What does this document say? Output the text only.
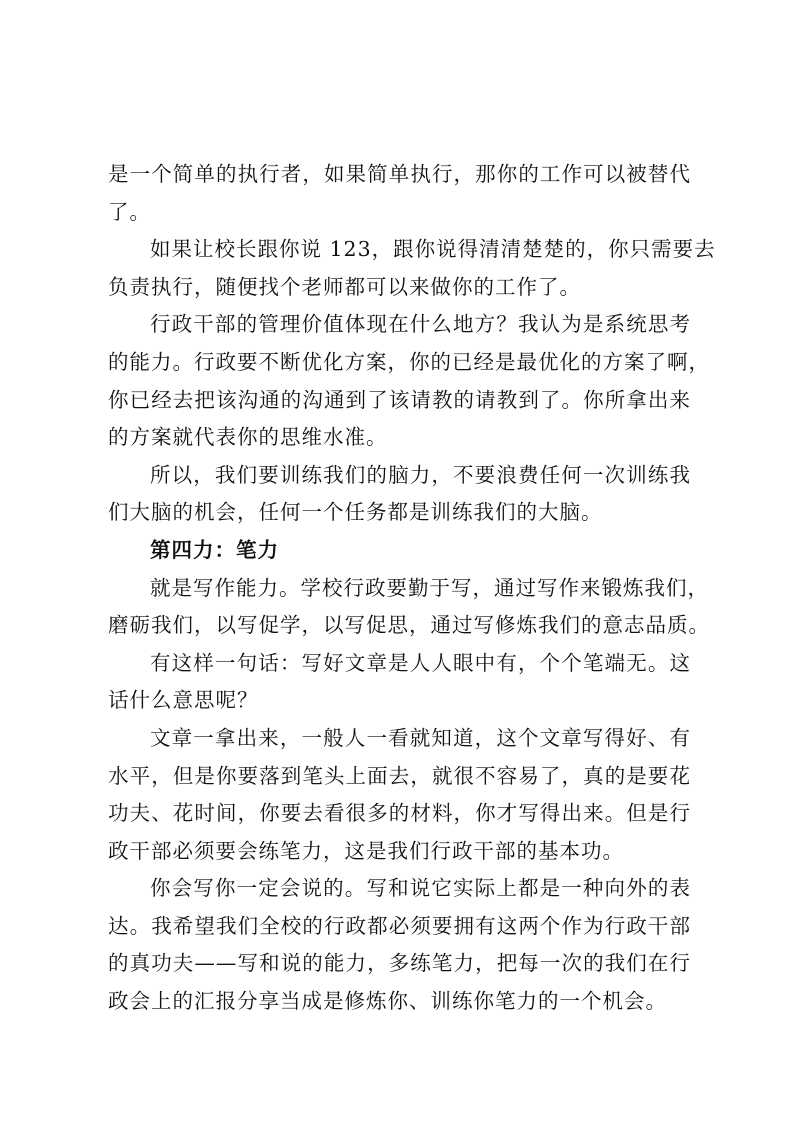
是一个简单的执行者，如果简单执行，那你的工作可以被替代
了。
如果让校长跟你说 123，跟你说得清清楚楚的，你只需要去
负责执行，随便找个老师都可以来做你的工作了。
行政干部的管理价值体现在什么地方？我认为是系统思考
的能力。行政要不断优化方案，你的已经是最优化的方案了啊，
你已经去把该沟通的沟通到了该请教的请教到了。你所拿出来
的方案就代表你的思维水准。
所以，我们要训练我们的脑力，不要浪费任何一次训练我
们大脑的机会，任何一个任务都是训练我们的大脑。
第四力：笔力
就是写作能力。学校行政要勤于写，通过写作来锻炼我们，
磨砺我们，以写促学，以写促思，通过写修炼我们的意志品质。
有这样一句话：写好文章是人人眼中有，个个笔端无。这
话什么意思呢？
文章一拿出来，一般人一看就知道，这个文章写得好、有
水平，但是你要落到笔头上面去，就很不容易了，真的是要花
功夫、花时间，你要去看很多的材料，你才写得出来。但是行
政干部必须要会练笔力，这是我们行政干部的基本功。
你会写你一定会说的。写和说它实际上都是一种向外的表
达。我希望我们全校的行政都必须要拥有这两个作为行政干部
的真功夫——写和说的能力，多练笔力，把每一次的我们在行
政会上的汇报分享当成是修炼你、训练你笔力的一个机会。
